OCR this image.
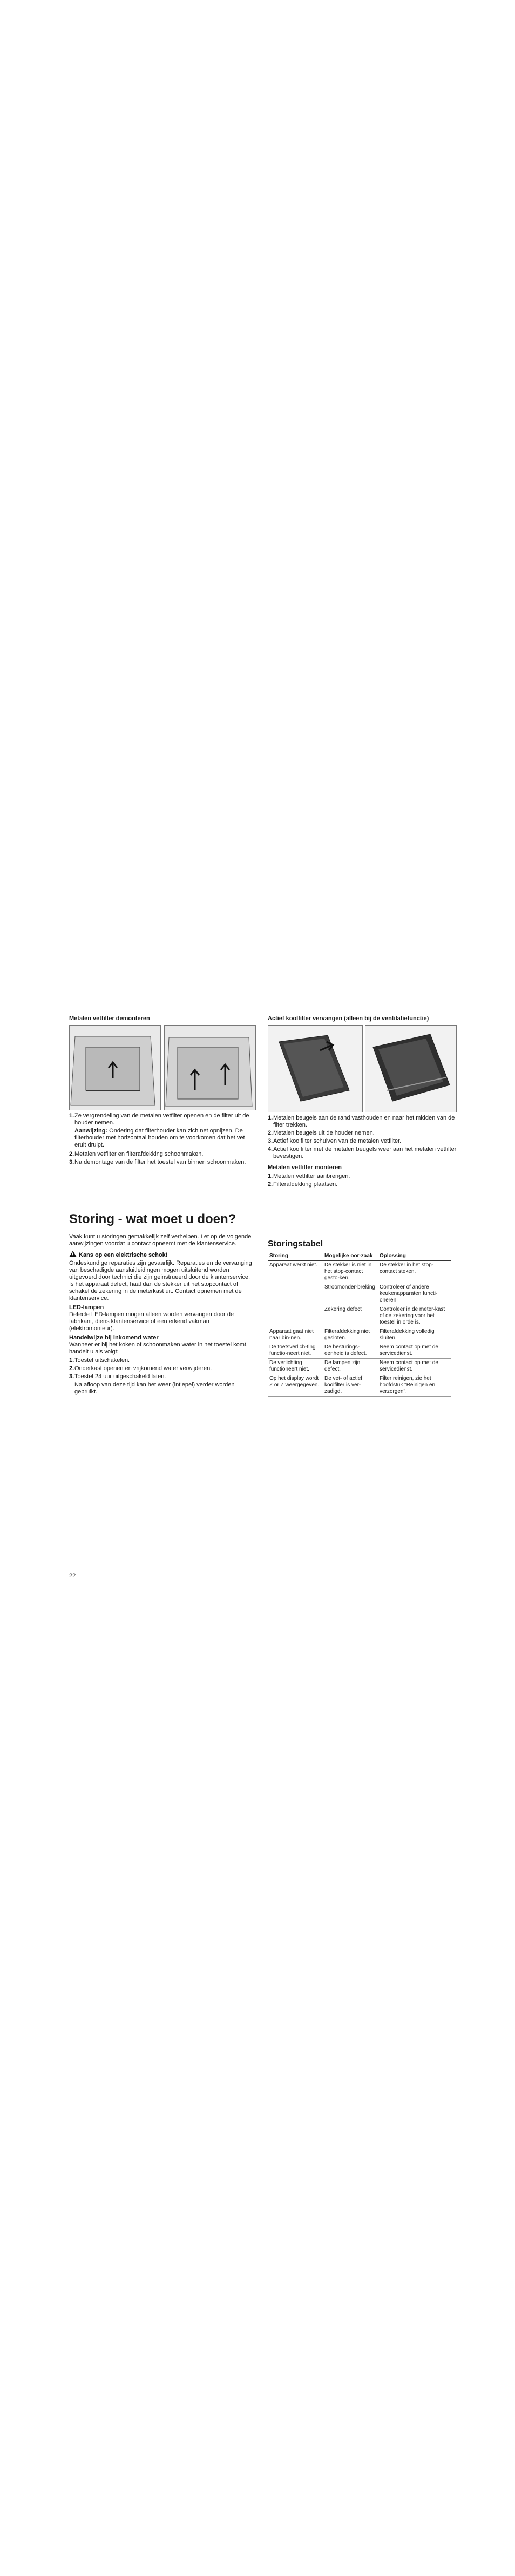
Metalen vetfilter demonteren
1. Ze vergrendeling van de metalen vetfilter openen en de filter uit de houder nemen.
Aanwijzing: Ondering dat filterhouder kan zich net opnijzen. De filterhouder met horizontaal houden om te voorkomen dat het vet eruit druipt.
2. Metalen vetfilter en filterafdekking schoonmaken.
3. Na demontage van de filter het toestel van binnen schoonmaken.
Actief koolfilter vervangen (alleen bij de ventilatiefunctie)
1. Metalen beugels aan de rand vasthouden en naar het midden van de filter trekken.
2. Metalen beugels uit de houder nemen.
3. Actief koolfilter schuiven van de metalen vetfilter.
4. Actief koolfilter met de metalen beugels weer aan het metalen vetfilter bevestigen.
Metalen vetfilter monteren
1. Metalen vetfilter aanbrengen.
2. Filterafdekking plaatsen.
Storing - wat moet u doen?

Vaak kunt u storingen gemakkelijk zelf verhelpen. Let op de volgende aanwijzingen voordat u contact opneemt met de klantenservice.

!Kans op een elektrische schok!

Ondeskundige reparaties zijn gevaarlijk. Reparaties en de vervanging van beschadigde aansluitleidingen mogen uitsluitend worden uitgevoerd door technici die zijn geinstrueerd door de klantenservice. Is het apparaat defect, haal dan de stekker uit het stopcontact of schakel de zekering in de meterkast uit. Contact opnemen met de klantenservice.

LED-lampen

Defecte LED-lampen mogen alleen worden vervangen door de fabrikant, diens klantenservice of een erkend vakman (elektromonteur).

Handelwijze bij inkomend water

Wanneer er bij het koken of schoonmaken water in het toestel komt, handelt u als volgt:

1. Toestel uitschakelen.
2. Onderkast openen en vrijkomend water verwijderen.
3. Toestel 24 uur uitgeschakeld laten.
Na afloop van deze tijd kan het weer (intiepel) verder worden gebruikt.
Storingstabel
Storing	Mogelijke oor-zaak	Oplossing
Apparaat werkt niet.	De stekker is niet in het stop-contact gesto-ken.	De stekker in het stop-contact steken.
	Stroomonder-breking	Controleer of andere keukenapparaten functi-oneren.
	Zekering defect	Controleer in de meter-kast of de zekering voor het toestel in orde is.
Apparaat gaat niet naar bin-nen.	Filterafdekking niet gesloten.	Filterafdekking volledig sluiten.
De toetsverlich-ting functio-neert niet.	De besturings-eenheid is defect.	Neem contact op met de servicedienst.
De verlichting functioneert niet.	De lampen zijn defect.	Neem contact op met de servicedienst.
Op het display wordt Z or Z weergegeven.	De vet- of actief koolfilter is ver-zadigd.	Filter reinigen, zie het hoofdstuk "Reinigen en verzorgen".
22
